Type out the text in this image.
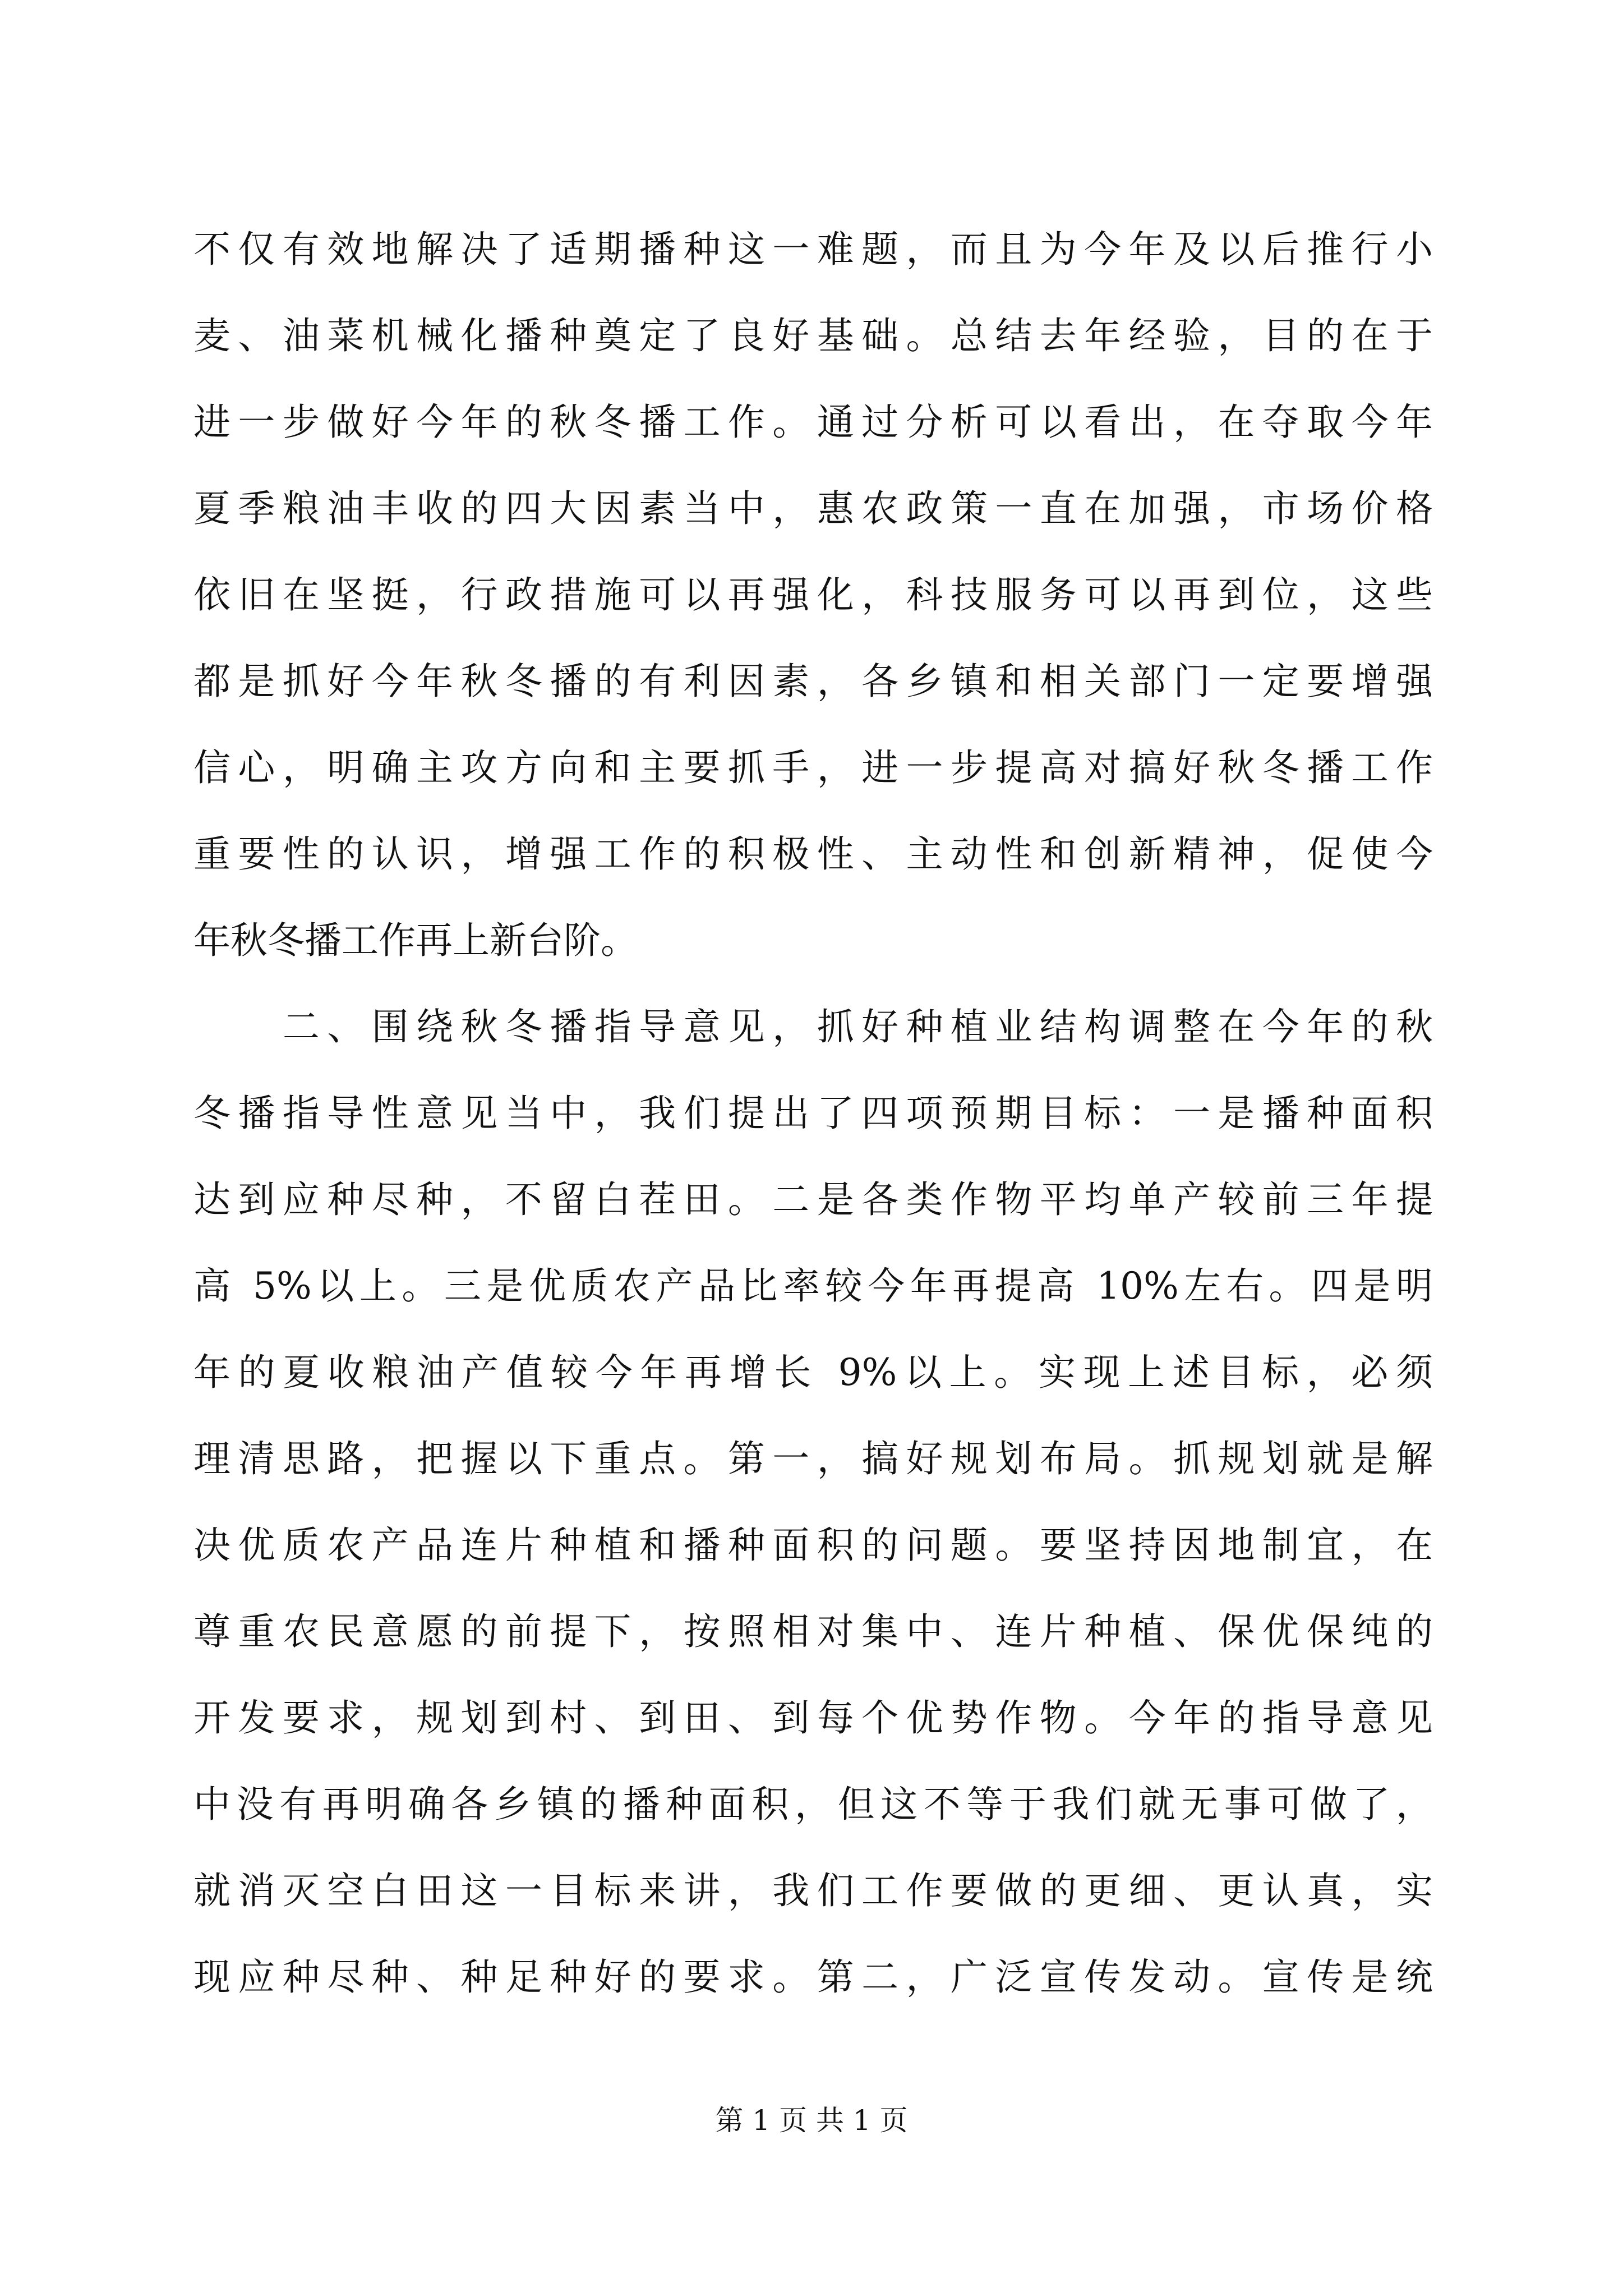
不仅有效地解决了适期播种这一难题，而且为今年及以后推行小
麦、油菜机械化播种奠定了良好基础。总结去年经验，目的在于
进一步做好今年的秋冬播工作。通过分析可以看出，在夺取今年
夏季粮油丰收的四大因素当中，惠农政策一直在加强，市场价格
依旧在坚挺，行政措施可以再强化，科技服务可以再到位，这些
都是抓好今年秋冬播的有利因素，各乡镇和相关部门一定要增强
信心，明确主攻方向和主要抓手，进一步提高对搞好秋冬播工作
重要性的认识，增强工作的积极性、主动性和创新精神，促使今
年秋冬播工作再上新台阶。
　　二、围绕秋冬播指导意见，抓好种植业结构调整在今年的秋
冬播指导性意见当中，我们提出了四项预期目标：一是播种面积
达到应种尽种，不留白茬田。二是各类作物平均单产较前三年提
高 5%以上。三是优质农产品比率较今年再提高 10%左右。四是明
年的夏收粮油产值较今年再增长 9%以上。实现上述目标，必须
理清思路，把握以下重点。第一，搞好规划布局。抓规划就是解
决优质农产品连片种植和播种面积的问题。要坚持因地制宜，在
尊重农民意愿的前提下，按照相对集中、连片种植、保优保纯的
开发要求，规划到村、到田、到每个优势作物。今年的指导意见
中没有再明确各乡镇的播种面积，但这不等于我们就无事可做了，
就消灭空白田这一目标来讲，我们工作要做的更细、更认真，实
现应种尽种、种足种好的要求。第二，广泛宣传发动。宣传是统
第 1 页 共 1 页
